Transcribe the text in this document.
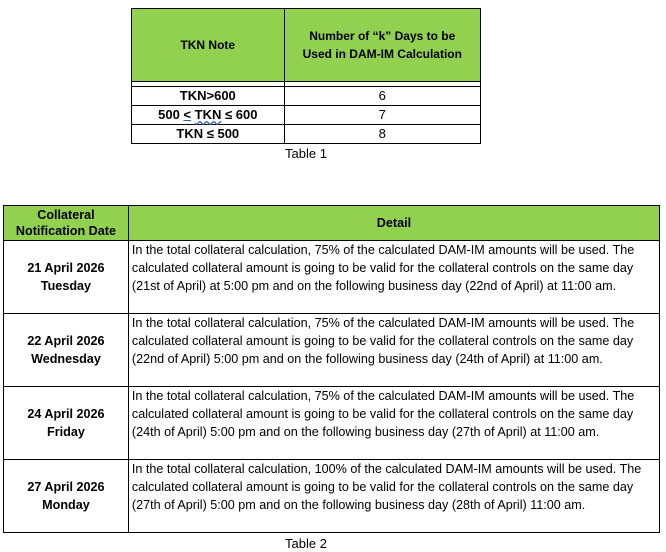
TKN Note	Number of “k” Days to be
Used in DAM-IM Calculation

TKN>600	6
500 < TKN ≤ 600	7
TKN ≤ 500	8
Table 1
Collateral
Notification Date	Detail
21 April 2026
Tuesday	In the total collateral calculation, 75% of the calculated DAM-IM amounts will be used. The calculated collateral amount is going to be valid for the collateral controls on the same day (21st of April) at 5:00 pm and on the following business day (22nd of April) at 11:00 am.
22 April 2026
Wednesday	In the total collateral calculation, 75% of the calculated DAM-IM amounts will be used. The calculated collateral amount is going to be valid for the collateral controls on the same day (22nd of April) 5:00 pm and on the following business day (24th of April) at 11:00 am.
24 April 2026
Friday	In the total collateral calculation, 75% of the calculated DAM-IM amounts will be used. The calculated collateral amount is going to be valid for the collateral controls on the same day (24th of April) 5:00 pm and on the following business day (27th of April) at 11:00 am.
27 April 2026
Monday	In the total collateral calculation, 100% of the calculated DAM-IM amounts will be used. The calculated collateral amount is going to be valid for the collateral controls on the same day (27th of April) 5:00 pm and on the following business day (28th of April) 11:00 am.
Table 2
